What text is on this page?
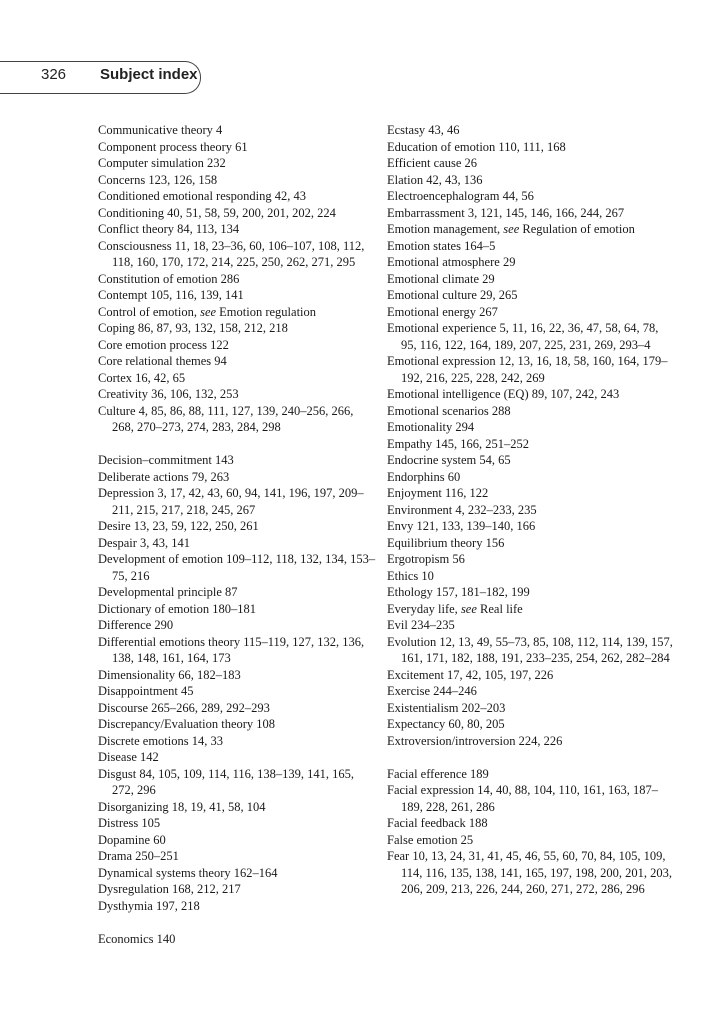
326 Subject index

Communicative theory 4

Component process theory 61

Computer simulation 232

Concerns 123, 126, 158

Conditioned emotional responding 42, 43

Conditioning 40, 51, 58, 59, 200, 201, 202, 224

Conflict theory 84, 113, 134

Consciousness 11, 18, 23–36, 60, 106–107, 108, 112, 118, 160, 170, 172, 214, 225, 250, 262, 271, 295

Constitution of emotion 286

Contempt 105, 116, 139, 141

Control of emotion, see Emotion regulation

Coping 86, 87, 93, 132, 158, 212, 218

Core emotion process 122

Core relational themes 94

Cortex 16, 42, 65

Creativity 36, 106, 132, 253

Culture 4, 85, 86, 88, 111, 127, 139, 240–256, 266, 268, 270–273, 274, 283, 284, 298

Decision–commitment 143

Deliberate actions 79, 263

Depression 3, 17, 42, 43, 60, 94, 141, 196, 197, 209–211, 215, 217, 218, 245, 267

Desire 13, 23, 59, 122, 250, 261

Despair 3, 43, 141

Development of emotion 109–112, 118, 132, 134, 153–75, 216

Developmental principle 87

Dictionary of emotion 180–181

Difference 290

Differential emotions theory 115–119, 127, 132, 136, 138, 148, 161, 164, 173

Dimensionality 66, 182–183

Disappointment 45

Discourse 265–266, 289, 292–293

Discrepancy/Evaluation theory 108

Discrete emotions 14, 33

Disease 142

Disgust 84, 105, 109, 114, 116, 138–139, 141, 165, 272, 296

Disorganizing 18, 19, 41, 58, 104

Distress 105

Dopamine 60

Drama 250–251

Dynamical systems theory 162–164

Dysregulation 168, 212, 217

Dysthymia 197, 218

Economics 140

Ecstasy 43, 46

Education of emotion 110, 111, 168

Efficient cause 26

Elation 42, 43, 136

Electroencephalogram 44, 56

Embarrassment 3, 121, 145, 146, 166, 244, 267

Emotion management, see Regulation of emotion

Emotion states 164–5

Emotional atmosphere 29

Emotional climate 29

Emotional culture 29, 265

Emotional energy 267

Emotional experience 5, 11, 16, 22, 36, 47, 58, 64, 78, 95, 116, 122, 164, 189, 207, 225, 231, 269, 293–4

Emotional expression 12, 13, 16, 18, 58, 160, 164, 179–192, 216, 225, 228, 242, 269

Emotional intelligence (EQ) 89, 107, 242, 243

Emotional scenarios 288

Emotionality 294

Empathy 145, 166, 251–252

Endocrine system 54, 65

Endorphins 60

Enjoyment 116, 122

Environment 4, 232–233, 235

Envy 121, 133, 139–140, 166

Equilibrium theory 156

Ergotropism 56

Ethics 10

Ethology 157, 181–182, 199

Everyday life, see Real life

Evil 234–235

Evolution 12, 13, 49, 55–73, 85, 108, 112, 114, 139, 157, 161, 171, 182, 188, 191, 233–235, 254, 262, 282–284

Excitement 17, 42, 105, 197, 226

Exercise 244–246

Existentialism 202–203

Expectancy 60, 80, 205

Extroversion/introversion 224, 226

Facial efference 189

Facial expression 14, 40, 88, 104, 110, 161, 163, 187–189, 228, 261, 286

Facial feedback 188

False emotion 25

Fear 10, 13, 24, 31, 41, 45, 46, 55, 60, 70, 84, 105, 109, 114, 116, 135, 138, 141, 165, 197, 198, 200, 201, 203, 206, 209, 213, 226, 244, 260, 271, 272, 286, 296
